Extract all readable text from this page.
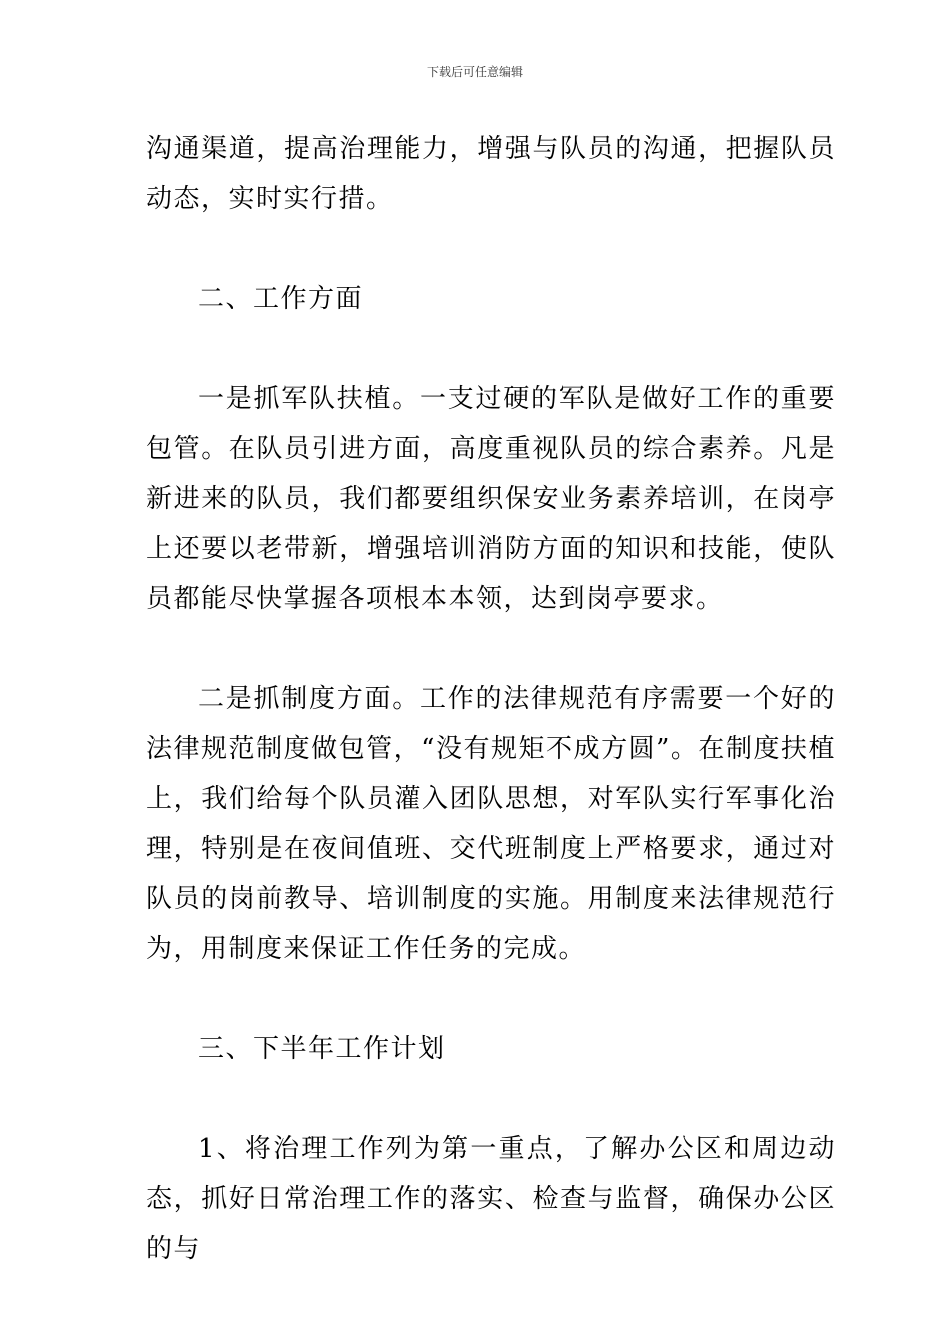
下载后可任意编辑

沟通渠道，提高治理能力，增强与队员的沟通，把握队员动态，实时实行措。

二、工作方面

一是抓军队扶植。一支过硬的军队是做好工作的重要包管。在队员引进方面，高度重视队员的综合素养。凡是新进来的队员，我们都要组织保安业务素养培训，在岗亭上还要以老带新，增强培训消防方面的知识和技能，使队员都能尽快掌握各项根本本领，达到岗亭要求。

二是抓制度方面。工作的法律规范有序需要一个好的法律规范制度做包管，“没有规矩不成方圆”。在制度扶植上，我们给每个队员灌入团队思想，对军队实行军事化治理，特别是在夜间值班、交代班制度上严格要求，通过对队员的岗前教导、培训制度的实施。用制度来法律规范行为，用制度来保证工作任务的完成。

三、下半年工作计划

1、将治理工作列为第一重点，了解办公区和周边动态，抓好日常治理工作的落实、检查与监督，确保办公区的与
